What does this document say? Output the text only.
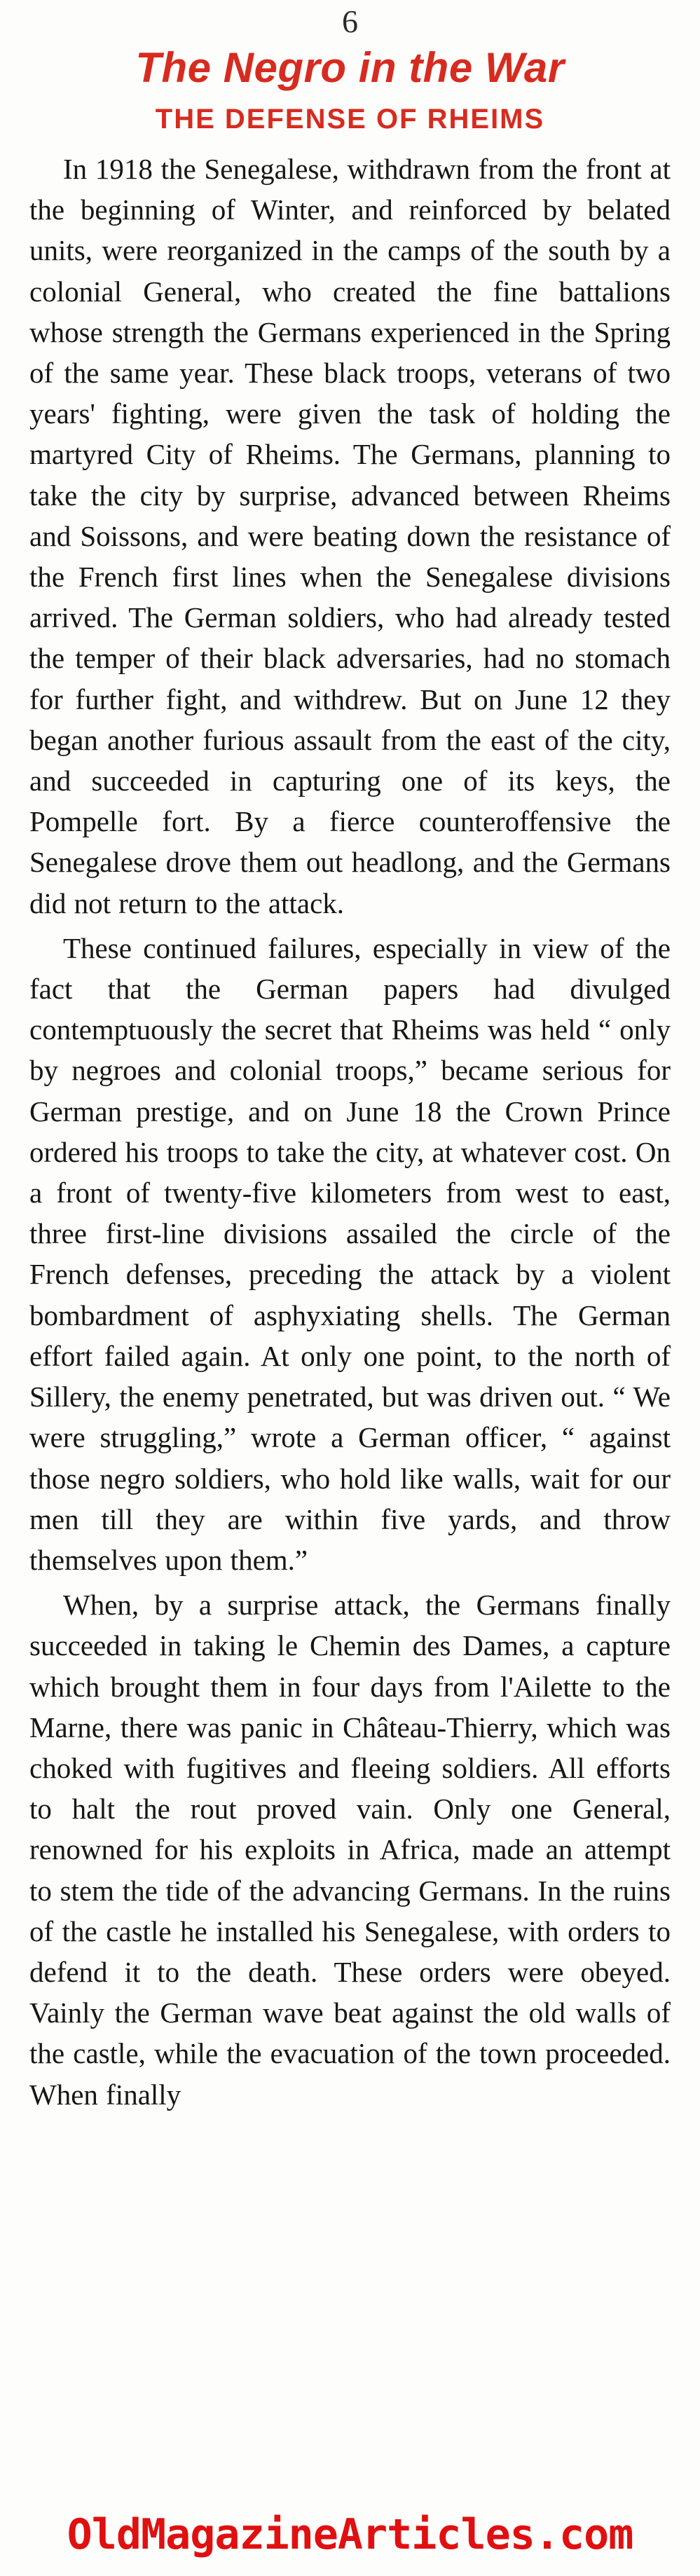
6
The Negro in the War
THE DEFENSE OF RHEIMS

In 1918 the Senegalese, withdrawn from the front at the beginning of Winter, and reinforced by belated units, were reorganized in the camps of the south by a colonial General, who created the fine battalions whose strength the Germans experienced in the Spring of the same year. These black troops, veterans of two years' fighting, were given the task of holding the martyred City of Rheims. The Germans, planning to take the city by surprise, advanced between Rheims and Soissons, and were beating down the resistance of the French first lines when the Senegalese divisions arrived. The German soldiers, who had already tested the temper of their black adversaries, had no stomach for further fight, and withdrew. But on June 12 they began another furious assault from the east of the city, and succeeded in capturing one of its keys, the Pompelle fort. By a fierce counteroffensive the Senegalese drove them out headlong, and the Germans did not return to the attack.

These continued failures, especially in view of the fact that the German papers had divulged contemptuously the secret that Rheims was held “ only by negroes and colonial troops,” became serious for German prestige, and on June 18 the Crown Prince ordered his troops to take the city, at whatever cost. On a front of twenty-five kilometers from west to east, three first-line divisions assailed the circle of the French defenses, preceding the attack by a violent bombardment of asphyxiating shells. The German effort failed again. At only one point, to the north of Sillery, the enemy penetrated, but was driven out. “ We were struggling,” wrote a German officer, “ against those negro soldiers, who hold like walls, wait for our men till they are within five yards, and throw themselves upon them.”

When, by a surprise attack, the Germans finally succeeded in taking le Chemin des Dames, a capture which brought them in four days from l'Ailette to the Marne, there was panic in Château-Thierry, which was choked with fugitives and fleeing soldiers. All efforts to halt the rout proved vain. Only one General, renowned for his exploits in Africa, made an attempt to stem the tide of the advancing Germans. In the ruins of the castle he installed his Senegalese, with orders to defend it to the death. These orders were obeyed. Vainly the German wave beat against the old walls of the castle, while the evacuation of the town proceeded. When finally

OldMagazineArticles.com
